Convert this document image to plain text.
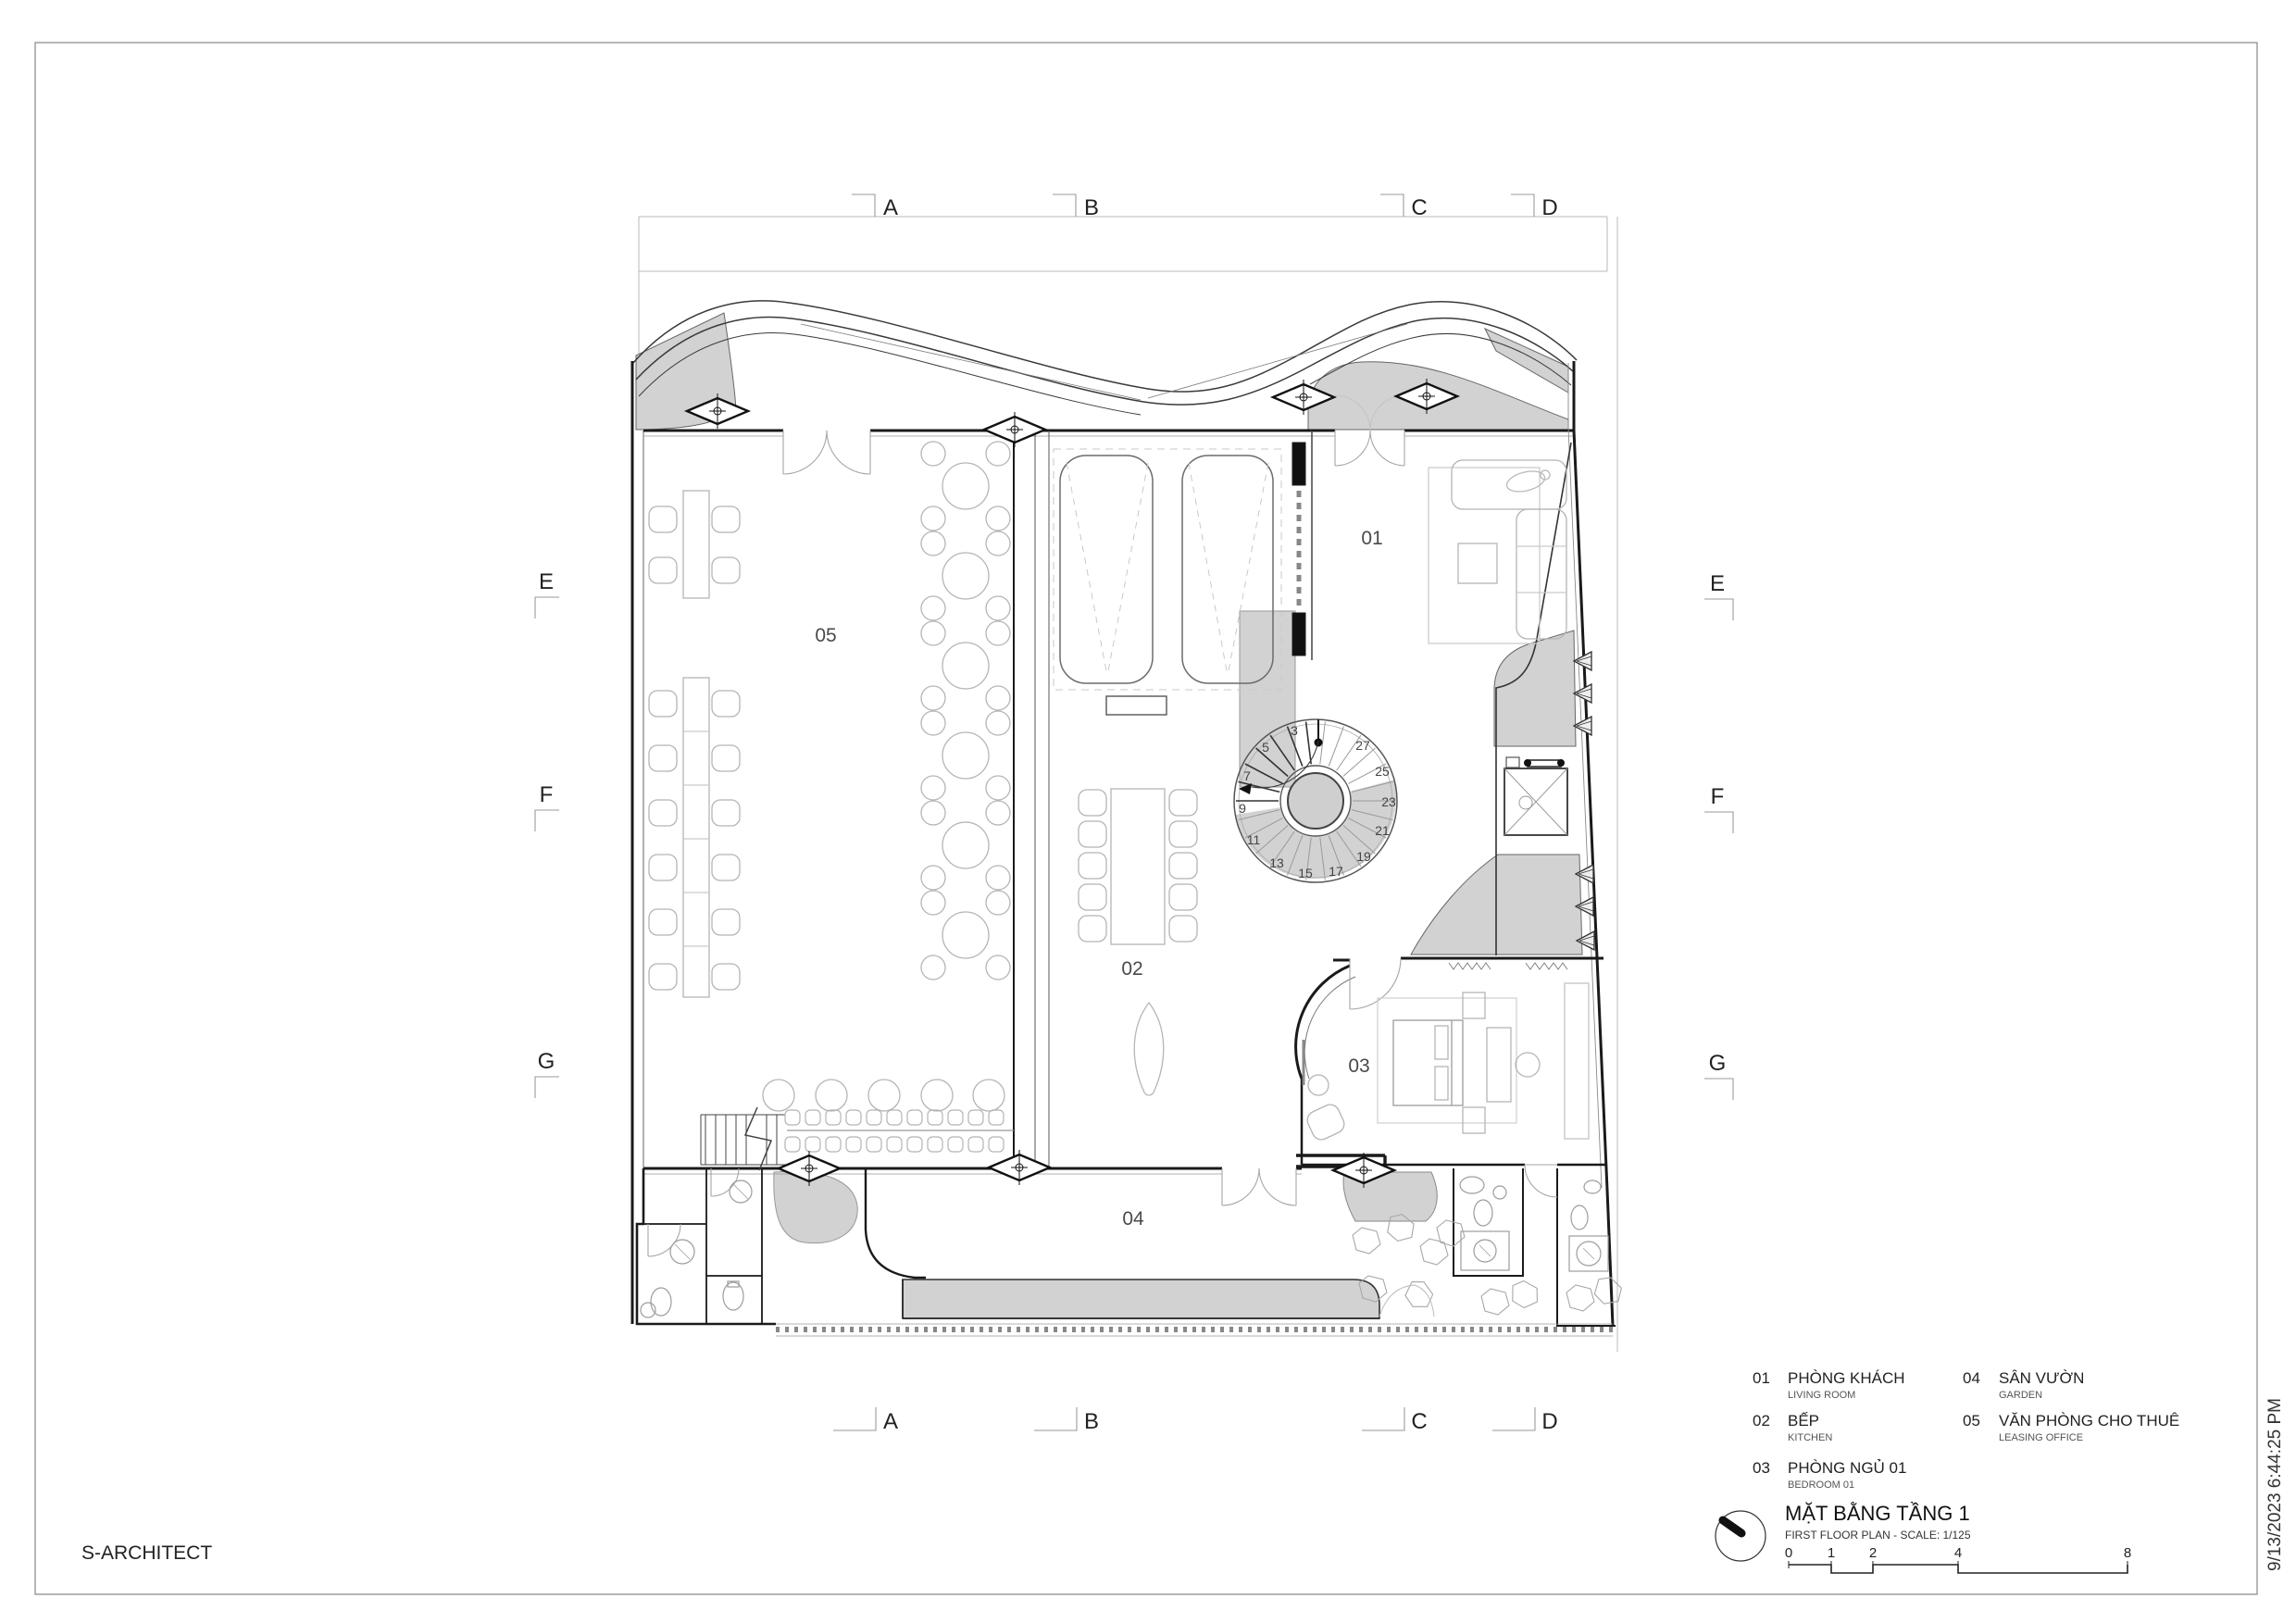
S-ARCHITECT	9/13/2023 6:44:25 PM
A	B	C	D
A	B	C	D
E
F
G
E
F
G
3
5
7
9
11
13
15 17
19
21
23
25
27
01
02
03
04
05
01 PHÒNG KHÁCH
LIVING ROOM
02 BẾP
KITCHEN
03 PHÒNG NGỦ 01
BEDROOM 01
04 SÂN VƯỜN
GARDEN
05 VĂN PHÒNG CHO THUÊ
LEASING OFFICE
MẶT BẰNG TẦNG 1
FIRST FLOOR PLAN - SCALE: 1/125
0	1 2	4	8
